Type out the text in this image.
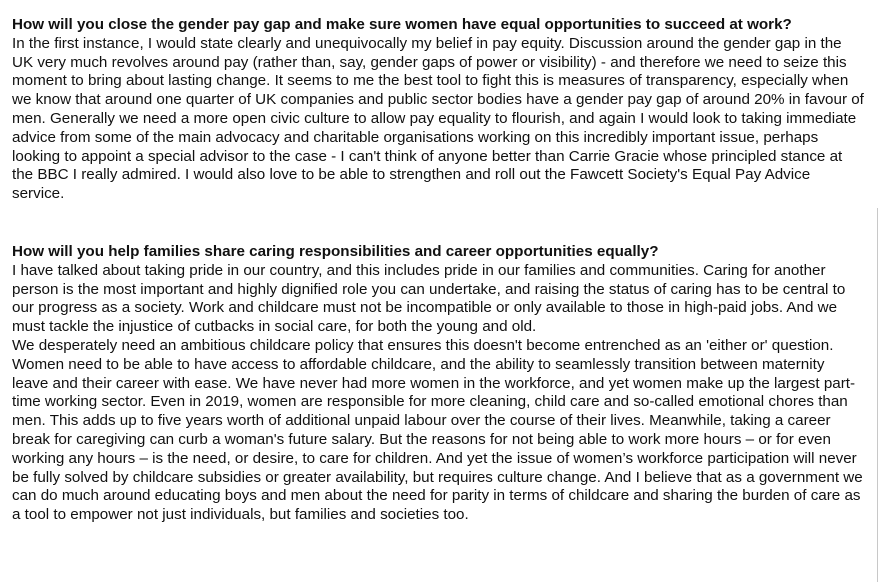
How will you close the gender pay gap and make sure women have equal opportunities to succeed at work?

In the first instance, I would state clearly and unequivocally my belief in pay equity. Discussion around the gender gap in the UK very much revolves around pay (rather than, say, gender gaps of power or visibility) - and therefore we need to seize this moment to bring about lasting change. It seems to me the best tool to fight this is measures of transparency, especially when we know that around one quarter of UK companies and public sector bodies have a gender pay gap of around 20% in favour of men. Generally we need a more open civic culture to allow pay equality to flourish, and again I would look to taking immediate advice from some of the main advocacy and charitable organisations working on this incredibly important issue, perhaps looking to appoint a special advisor to the case - I can't think of anyone better than Carrie Gracie whose principled stance at the BBC I really admired. I would also love to be able to strengthen and roll out the Fawcett Society's Equal Pay Advice service.

How will you help families share caring responsibilities and career opportunities equally?

I have talked about taking pride in our country, and this includes pride in our families and communities. Caring for another person is the most important and highly dignified role you can undertake, and raising the status of caring has to be central to our progress as a society. Work and childcare must not be incompatible or only available to those in high-paid jobs. And we must tackle the injustice of cutbacks in social care, for both the young and old.

We desperately need an ambitious childcare policy that ensures this doesn't become entrenched as an 'either or' question. Women need to be able to have access to affordable childcare, and the ability to seamlessly transition between maternity leave and their career with ease. We have never had more women in the workforce, and yet women make up the largest part-time working sector. Even in 2019, women are responsible for more cleaning, child care and so-called emotional chores than men. This adds up to five years worth of additional unpaid labour over the course of their lives. Meanwhile, taking a career break for caregiving can curb a woman's future salary. But the reasons for not being able to work more hours – or for even working any hours – is the need, or desire, to care for children. And yet the issue of women’s workforce participation will never be fully solved by childcare subsidies or greater availability, but requires culture change. And I believe that as a government we can do much around educating boys and men about the need for parity in terms of childcare and sharing the burden of care as a tool to empower not just individuals, but families and societies too.
